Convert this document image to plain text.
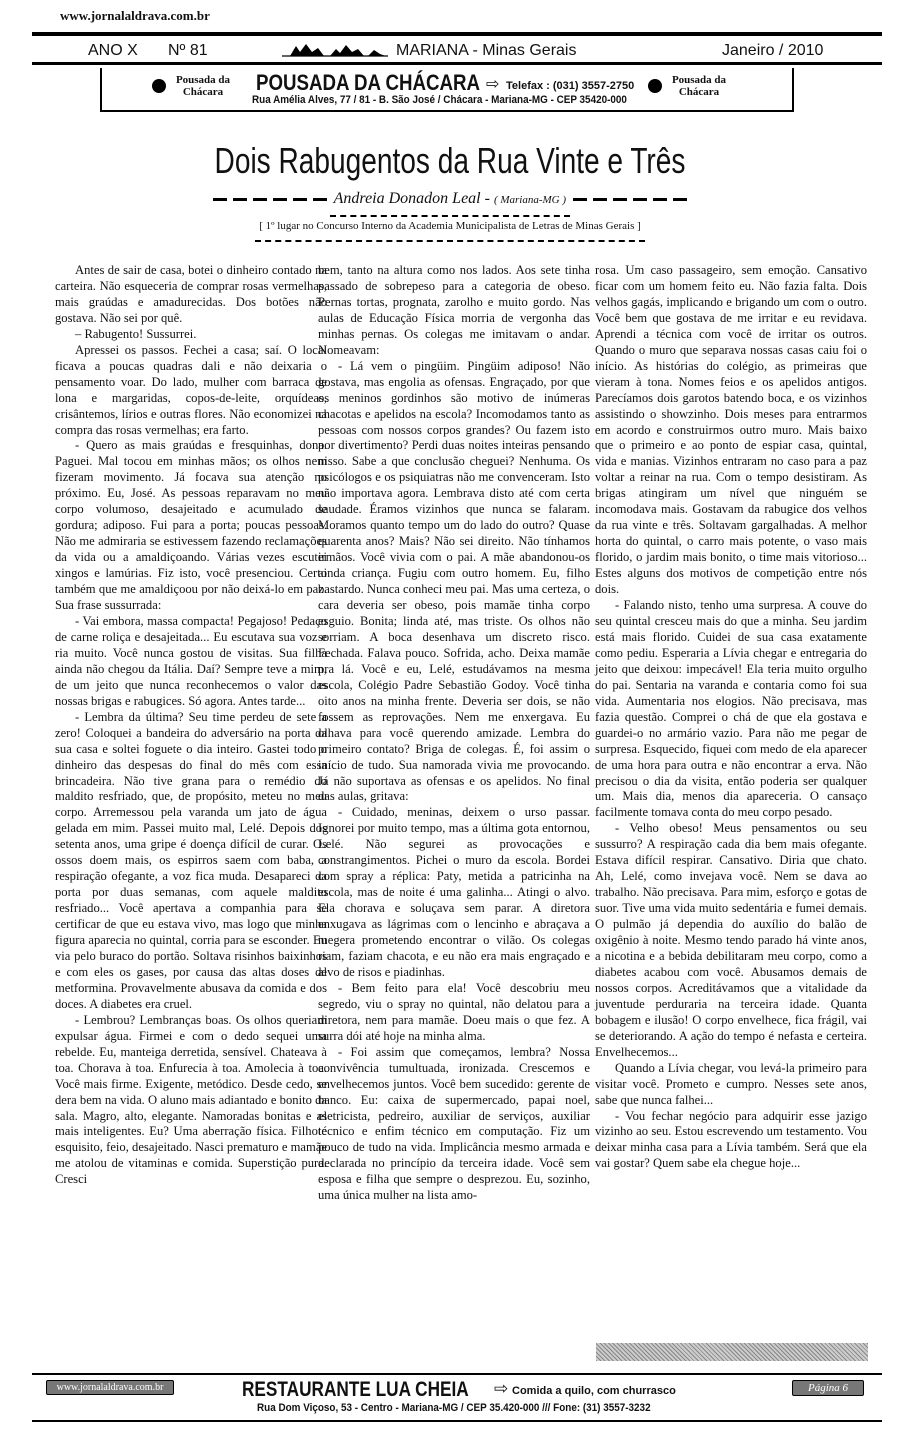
www.jornalaldrava.com.br
ANO X Nº 81	MARIANA - Minas Gerais	Janeiro / 2010
Pousada da Chácara	POUSADA DA CHÁCARA ⇨ Telefax : (031) 3557-2750
Rua Amélia Alves, 77 / 81 - B. São José / Chácara - Mariana-MG - CEP 35420-000
Pousada da Chácara
Dois Rabugentos da Rua Vinte e Três
Andreia Donadon Leal - ( Mariana-MG )
[ 1º lugar no Concurso Interno da Academia Municipalista de Letras de Minas Gerais ]

Antes de sair de casa, botei o dinheiro contado na carteira. Não esqueceria de comprar rosas vermelhas, mais graúdas e amadurecidas. Dos botões não gostava. Não sei por quê.

– Rabugento! Sussurrei.

Apressei os passos. Fechei a casa; saí. O local ficava a poucas quadras dali e não deixaria o pensamento voar. Do lado, mulher com barraca de lona e margaridas, copos-de-leite, orquídeas, crisântemos, lírios e outras flores. Não economizei na compra das rosas vermelhas; era farto.

- Quero as mais graúdas e fresquinhas, dona. Paguei. Mal tocou em minhas mãos; os olhos nem fizeram movimento. Já focava sua atenção no próximo. Eu, José. As pessoas reparavam no meu corpo volumoso, desajeitado e acumulado de gordura; adiposo. Fui para a porta; poucas pessoas. Não me admiraria se estivessem fazendo reclamações da vida ou a amaldiçoando. Várias vezes escutei xingos e lamúrias. Fiz isto, você presenciou. Certo também que me amaldiçoou por não deixá-lo em paz. Sua frase sussurrada:

- Vai embora, massa compacta! Pegajoso! Pedaço de carne roliça e desajeitada... Eu escutava sua voz e ria muito. Você nunca gostou de visitas. Sua filha ainda não chegou da Itália. Daí? Sempre teve a mim, de um jeito que nunca reconhecemos o valor das nossas brigas e rabugices. Só agora. Antes tarde...

- Lembra da última? Seu time perdeu de sete a zero! Coloquei a bandeira do adversário na porta da sua casa e soltei foguete o dia inteiro. Gastei todo o dinheiro das despesas do final do mês com essa brincadeira. Não tive grana para o remédio do maldito resfriado, que, de propósito, meteu no meu corpo. Arremessou pela varanda um jato de água gelada em mim. Passei muito mal, Lelé. Depois dos setenta anos, uma gripe é doença difícil de curar. Os ossos doem mais, os espirros saem com baba, a respiração ofegante, a voz fica muda. Desapareci da porta por duas semanas, com aquele maldito resfriado... Você apertava a companhia para se certificar de que eu estava vivo, mas logo que minha figura aparecia no quintal, corria para se esconder. Eu via pelo buraco do portão. Soltava risinhos baixinhos e com eles os gases, por causa das altas doses de metformina. Provavelmente abusava da comida e dos doces. A diabetes era cruel.

- Lembrou? Lembranças boas. Os olhos queriam expulsar água. Firmei e com o dedo sequei uma rebelde. Eu, manteiga derretida, sensível. Chateava à toa. Chorava à toa. Enfurecia à toa. Amolecia à toa. Você mais firme. Exigente, metódico. Desde cedo, se dera bem na vida. O aluno mais adiantado e bonito da sala. Magro, alto, elegante. Namoradas bonitas e as mais inteligentes. Eu? Uma aberração física. Filhote esquisito, feio, desajeitado. Nasci prematuro e mamãe me atolou de vitaminas e comida. Superstição pura. Cresci

bem, tanto na altura como nos lados. Aos sete tinha passado de sobrepeso para a categoria de obeso. Pernas tortas, prognata, zarolho e muito gordo. Nas aulas de Educação Física morria de vergonha das minhas pernas. Os colegas me imitavam o andar. Nomeavam:

- Lá vem o pingüim. Pingüim adiposo! Não gostava, mas engolia as ofensas. Engraçado, por que os meninos gordinhos são motivo de inúmeras chacotas e apelidos na escola? Incomodamos tanto as pessoas com nossos corpos grandes? Ou fazem isto por divertimento? Perdi duas noites inteiras pensando nisso. Sabe a que conclusão cheguei? Nenhuma. Os psicólogos e os psiquiatras não me convenceram. Isto não importava agora. Lembrava disto até com certa saudade. Éramos vizinhos que nunca se falaram. Moramos quanto tempo um do lado do outro? Quase quarenta anos? Mais? Não sei direito. Não tínhamos irmãos. Você vivia com o pai. A mãe abandonou-os ainda criança. Fugiu com outro homem. Eu, filho bastardo. Nunca conheci meu pai. Mas uma certeza, o cara deveria ser obeso, pois mamãe tinha corpo esguio. Bonita; linda até, mas triste. Os olhos não sorriam. A boca desenhava um discreto risco. Fechada. Falava pouco. Sofrida, acho. Deixa mamãe pra lá. Você e eu, Lelé, estudávamos na mesma escola, Colégio Padre Sebastião Godoy. Você tinha oito anos na minha frente. Deveria ser dois, se não fossem as reprovações. Nem me enxergava. Eu olhava para você querendo amizade. Lembra do primeiro contato? Briga de colegas. É, foi assim o início de tudo. Sua namorada vivia me provocando. Já não suportava as ofensas e os apelidos. No final das aulas, gritava:

- Cuidado, meninas, deixem o urso passar. Ignorei por muito tempo, mas a última gota entornou, Lelé. Não segurei as provocações e constrangimentos. Pichei o muro da escola. Bordei com spray a réplica: Paty, metida a patricinha na escola, mas de noite é uma galinha... Atingi o alvo. Ela chorava e soluçava sem parar. A diretora enxugava as lágrimas com o lencinho e abraçava a megera prometendo encontrar o vilão. Os colegas riam, faziam chacota, e eu não era mais engraçado e alvo de risos e piadinhas.

- Bem feito para ela! Você descobriu meu segredo, viu o spray no quintal, não delatou para a diretora, nem para mamãe. Doeu mais o que fez. A surra dói até hoje na minha alma.

- Foi assim que começamos, lembra? Nossa convivência tumultuada, ironizada. Crescemos e envelhecemos juntos. Você bem sucedido: gerente de banco. Eu: caixa de supermercado, papai noel, eletricista, pedreiro, auxiliar de serviços, auxiliar técnico e enfim técnico em computação. Fiz um pouco de tudo na vida. Implicância mesmo armada e declarada no princípio da terceira idade. Você sem esposa e filha que sempre o desprezou. Eu, sozinho, uma única mulher na lista amo-

rosa. Um caso passageiro, sem emoção. Cansativo ficar com um homem feito eu. Não fazia falta. Dois velhos gagás, implicando e brigando um com o outro. Você bem que gostava de me irritar e eu revidava. Aprendi a técnica com você de irritar os outros. Quando o muro que separava nossas casas caiu foi o início. As histórias do colégio, as primeiras que vieram à tona. Nomes feios e os apelidos antigos. Parecíamos dois garotos batendo boca, e os vizinhos assistindo o showzinho. Dois meses para entrarmos em acordo e construirmos outro muro. Mais baixo que o primeiro e ao ponto de espiar casa, quintal, vida e manias. Vizinhos entraram no caso para a paz voltar a reinar na rua. Com o tempo desistiram. As brigas atingiram um nível que ninguém se incomodava mais. Gostavam da rabugice dos velhos da rua vinte e três. Soltavam gargalhadas. A melhor horta do quintal, o carro mais potente, o vaso mais florido, o jardim mais bonito, o time mais vitorioso... Estes alguns dos motivos de competição entre nós dois.

- Falando nisto, tenho uma surpresa. A couve do seu quintal cresceu mais do que a minha. Seu jardim está mais florido. Cuidei de sua casa exatamente como pediu. Esperaria a Lívia chegar e entregaria do jeito que deixou: impecável! Ela teria muito orgulho do pai. Sentaria na varanda e contaria como foi sua vida. Aumentaria nos elogios. Não precisava, mas fazia questão. Comprei o chá de que ela gostava e guardei-o no armário vazio. Para não me pegar de surpresa. Esquecido, fiquei com medo de ela aparecer de uma hora para outra e não encontrar a erva. Não precisou o dia da visita, então poderia ser qualquer um. Mais dia, menos dia apareceria. O cansaço facilmente tomava conta do meu corpo pesado.

- Velho obeso! Meus pensamentos ou seu sussurro? A respiração cada dia bem mais ofegante. Estava difícil respirar. Cansativo. Diria que chato. Ah, Lelé, como invejava você. Nem se dava ao trabalho. Não precisava. Para mim, esforço e gotas de suor. Tive uma vida muito sedentária e fumei demais. O pulmão já dependia do auxílio do balão de oxigênio à noite. Mesmo tendo parado há vinte anos, a nicotina e a bebida debilitaram meu corpo, como a diabetes acabou com você. Abusamos demais de nossos corpos. Acreditávamos que a vitalidade da juventude perduraria na terceira idade. Quanta bobagem e ilusão! O corpo envelhece, fica frágil, vai se deteriorando. A ação do tempo é nefasta e certeira. Envelhecemos...

Quando a Lívia chegar, vou levá-la primeiro para visitar você. Prometo e cumpro. Nesses sete anos, sabe que nunca falhei...

- Vou fechar negócio para adquirir esse jazigo vizinho ao seu. Estou escrevendo um testamento. Vou deixar minha casa para a Lívia também. Será que ela vai gostar? Quem sabe ela chegue hoje...

www.jornalaldrava.com.br	RESTAURANTE LUA CHEIA ⇨ Comida a quilo, com churrasco
Rua Dom Viçoso, 53 - Centro - Mariana-MG / CEP 35.420-000 /// Fone: (31) 3557-3232
Página 6
